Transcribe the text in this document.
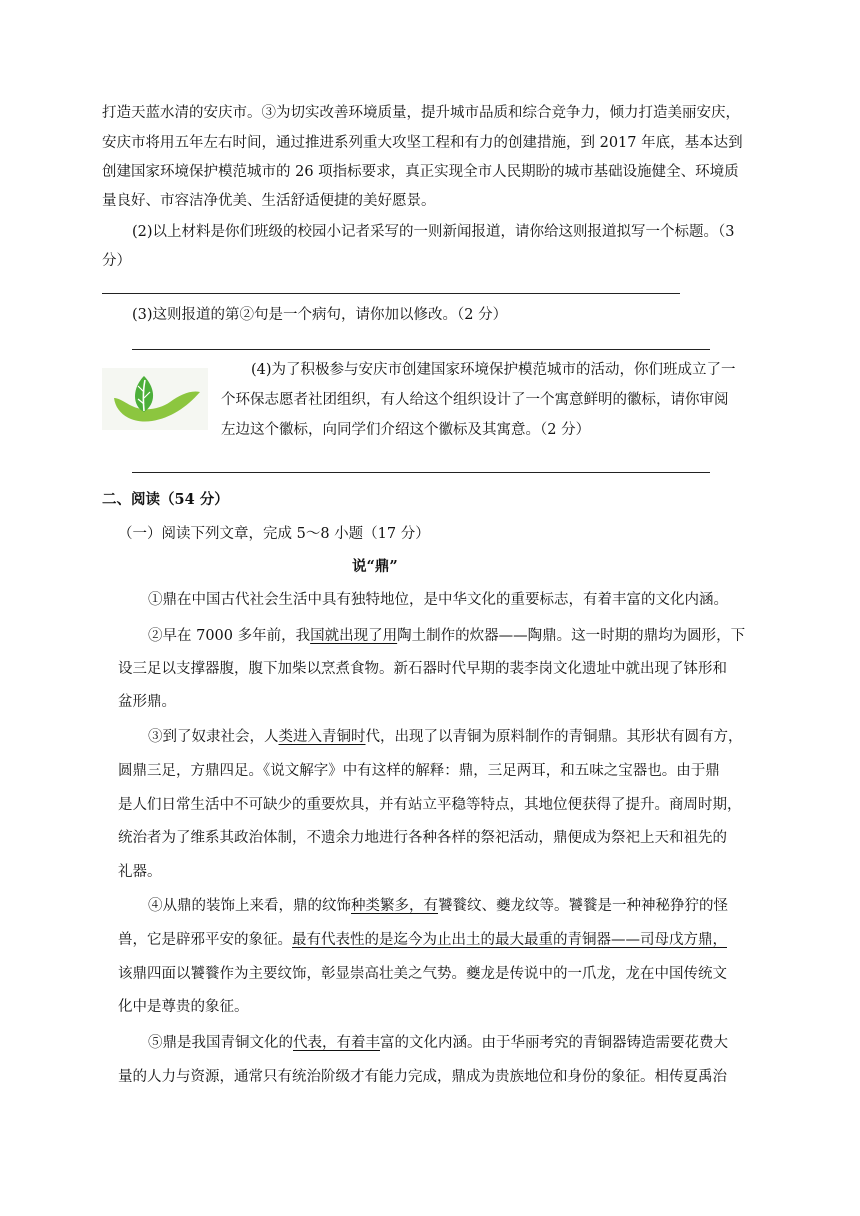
打造天蓝水清的安庆市。③为切实改善环境质量，提升城市品质和综合竞争力，倾力打造美丽安庆，
安庆市将用五年左右时间，通过推进系列重大攻坚工程和有力的创建措施，到 2017 年底，基本达到
创建国家环境保护模范城市的 26 项指标要求，真正实现全市人民期盼的城市基础设施健全、环境质
量良好、市容洁净优美、生活舒适便捷的美好愿景。
(2)以上材料是你们班级的校园小记者采写的一则新闻报道，请你给这则报道拟写一个标题。（3
分）
(3)这则报道的第②句是一个病句，请你加以修改。（2 分）
(4)为了积极参与安庆市创建国家环境保护模范城市的活动，你们班成立了一
个环保志愿者社团组织，有人给这个组织设计了一个寓意鲜明的徽标，请你审阅
左边这个徽标，向同学们介绍这个徽标及其寓意。（2 分）
二、阅读（54 分）
（一）阅读下列文章，完成 5～8 小题（17 分）
说“鼎”
①鼎在中国古代社会生活中具有独特地位，是中华文化的重要标志，有着丰富的文化内涵。
②早在 7000 多年前，我国就出现了用陶土制作的炊器——陶鼎。这一时期的鼎均为圆形，下
设三足以支撑器腹，腹下加柴以烹煮食物。新石器时代早期的裴李岗文化遗址中就出现了钵形和
盆形鼎。
③到了奴隶社会，人类进入青铜时代，出现了以青铜为原料制作的青铜鼎。其形状有圆有方，
圆鼎三足，方鼎四足。《说文解字》中有这样的解释：鼎，三足两耳，和五味之宝器也。由于鼎
是人们日常生活中不可缺少的重要炊具，并有站立平稳等特点，其地位便获得了提升。商周时期，
统治者为了维系其政治体制，不遗余力地进行各种各样的祭祀活动，鼎便成为祭祀上天和祖先的
礼器。
④从鼎的装饰上来看，鼎的纹饰种类繁多，有饕餮纹、夔龙纹等。饕餮是一种神秘狰狞的怪
兽，它是辟邪平安的象征。最有代表性的是迄今为止出土的最大最重的青铜器——司母戊方鼎，
该鼎四面以饕餮作为主要纹饰，彰显崇高壮美之气势。夔龙是传说中的一爪龙，龙在中国传统文
化中是尊贵的象征。
⑤鼎是我国青铜文化的代表，有着丰富的文化内涵。由于华丽考究的青铜器铸造需要花费大
量的人力与资源，通常只有统治阶级才有能力完成，鼎成为贵族地位和身份的象征。相传夏禹治
